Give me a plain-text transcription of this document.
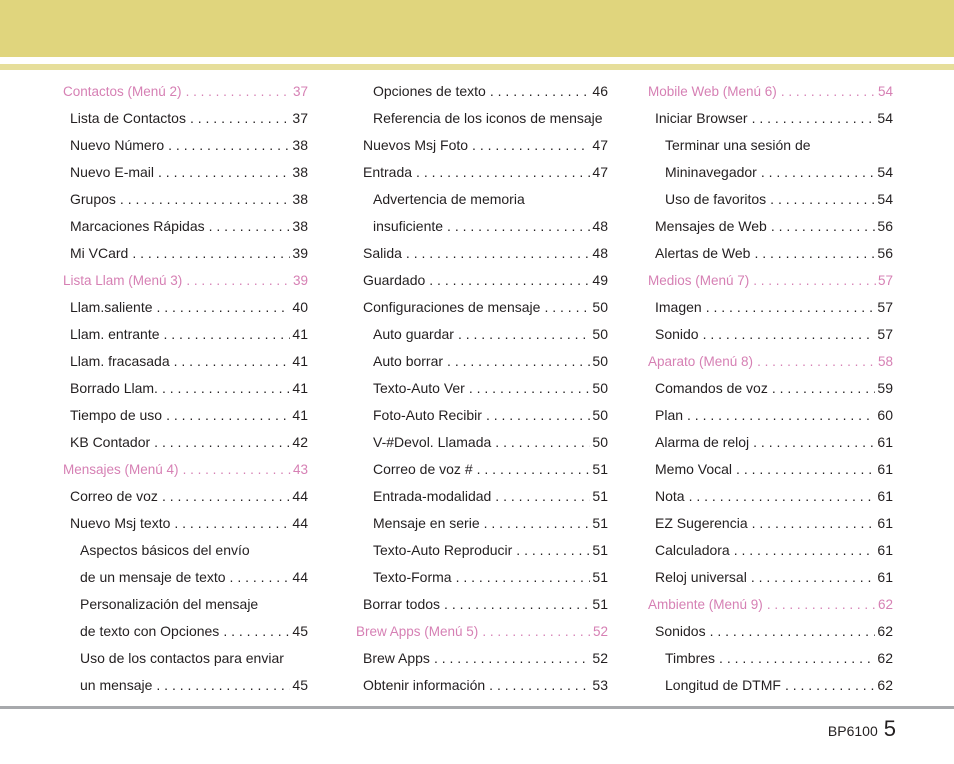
Contactos (Menú 2) . . .	37
Lista de Contactos . . .	37
Nuevo Número . . .	38
Nuevo E-mail . . .	38
Grupos . . .	38
Marcaciones Rápidas . . .	38
Mi VCard . . .	39
Lista Llam (Menú 3) . . .	39
Llam.saliente . . .	40
Llam. entrante . . .	41
Llam. fracasada . . .	41
Borrado Llam. . . .	41
Tiempo de uso . . .	41
KB Contador . . .	42
Mensajes (Menú 4) . . .	43
Correo de voz . . .	44
Nuevo Msj texto . . .	44
Aspectos básicos del envío
de un mensaje de texto . . .	44
Personalización del mensaje
de texto con Opciones . . .	45
Uso de los contactos para enviar
un mensaje . . .	45
Opciones de texto . . .	46
Referencia de los iconos de mensaje
Nuevos Msj Foto . . .	47
Entrada . . .	47
Advertencia de memoria
insuficiente . . .	48
Salida . . .	48
Guardado . . .	49
Configuraciones de mensaje . . .	50
Auto guardar . . .	50
Auto borrar . . .	50
Texto-Auto Ver . . .	50
Foto-Auto Recibir . . .	50
V-#Devol. Llamada . . .	50
Correo de voz # . . .	51
Entrada-modalidad . . .	51
Mensaje en serie . . .	51
Texto-Auto Reproducir . . .	51
Texto-Forma . . .	51
Borrar todos . . .	51
Brew Apps (Menú 5) . . .	52
Brew Apps . . .	52
Obtenir información . . .	53
Mobile Web (Menú 6) . . .	54
Iniciar Browser . . .	54
Terminar una sesión de
Mininavegador . . .	54
Uso de favoritos . . .	54
Mensajes de Web . . .	56
Alertas de Web . . .	56
Medios (Menú 7) . . .	57
Imagen . . .	57
Sonido . . .	57
Aparato (Menú 8) . . .	58
Comandos de voz . . .	59
Plan . . .	60
Alarma de reloj . . .	61
Memo Vocal . . .	61
Nota . . .	61
EZ Sugerencia . . .	61
Calculadora . . .	61
Reloj universal . . .	61
Ambiente (Menú 9) . . .	62
Sonidos . . .	62
Timbres . . .	62
Longitud de DTMF . . .	62
BP6100 5
